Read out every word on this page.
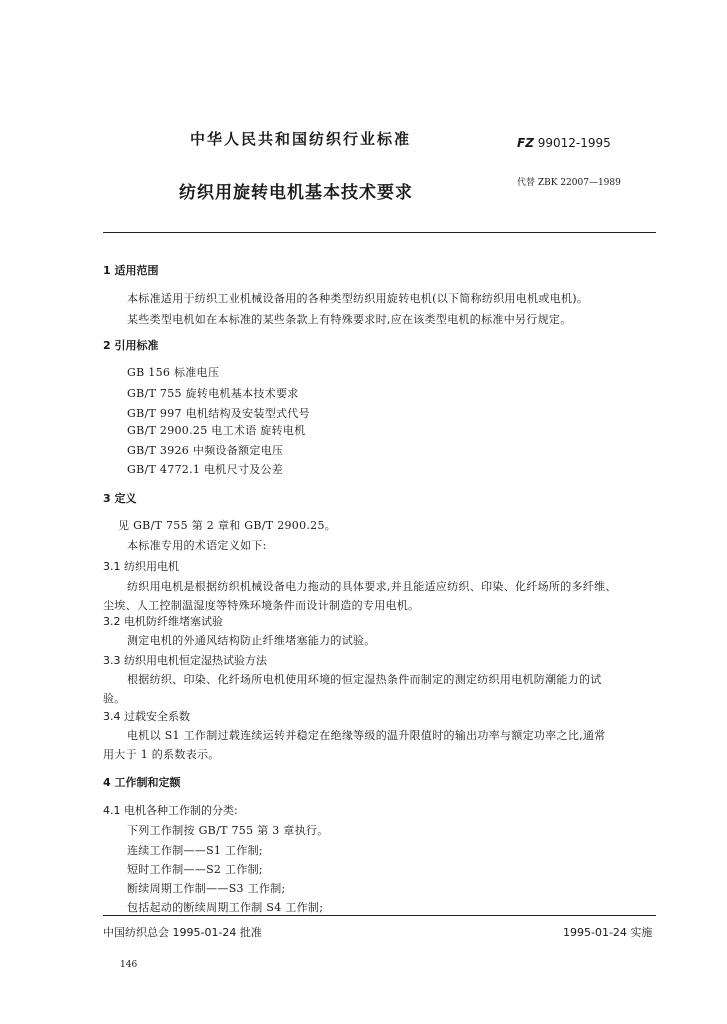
中华人民共和国纺织行业标准	FZ 99012-1995
纺织用旋转电机基本技术要求	代替 ZBK 22007—1989
1 适用范围
本标准适用于纺织工业机械设备用的各种类型纺织用旋转电机(以下简称纺织用电机或电机)。
某些类型电机如在本标准的某些条款上有特殊要求时,应在该类型电机的标准中另行规定。
2 引用标准
GB 156 标准电压
GB/T 755 旋转电机基本技术要求
GB/T 997 电机结构及安装型式代号
GB/T 2900.25 电工术语 旋转电机
GB/T 3926 中频设备额定电压
GB/T 4772.1 电机尺寸及公差
3 定义
见 GB/T 755 第 2 章和 GB/T 2900.25。
本标准专用的术语定义如下:
3.1 纺织用电机
纺织用电机是根据纺织机械设备电力拖动的具体要求,并且能适应纺织、印染、化纤场所的多纤维、
尘埃、人工控制温湿度等特殊环境条件而设计制造的专用电机。
3.2 电机防纤维堵塞试验
测定电机的外通风结构防止纤维堵塞能力的试验。
3.3 纺织用电机恒定湿热试验方法
根据纺织、印染、化纤场所电机使用环境的恒定湿热条件而制定的测定纺织用电机防潮能力的试
验。
3.4 过载安全系数
电机以 S1 工作制过载连续运转并稳定在绝缘等级的温升限值时的输出功率与额定功率之比,通常
用大于 1 的系数表示。
4 工作制和定额
4.1 电机各种工作制的分类:
下列工作制按 GB/T 755 第 3 章执行。
连续工作制——S1 工作制;
短时工作制——S2 工作制;
断续周期工作制——S3 工作制;
包括起动的断续周期工作制 S4 工作制;
中国纺织总会 1995-01-24 批准	1995-01-24 实施
146
